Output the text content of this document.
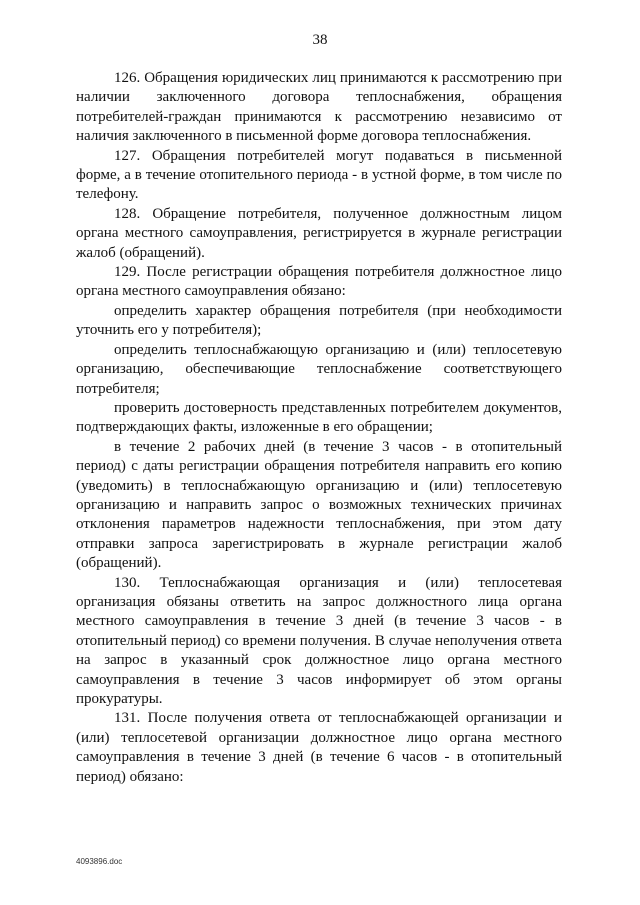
38

126. Обращения юридических лиц принимаются к рассмотрению при наличии заключенного договора теплоснабжения, обращения потребителей-граждан принимаются к рассмотрению независимо от наличия заключенного в письменной форме договора теплоснабжения.

127. Обращения потребителей могут подаваться в письменной форме, а в течение отопительного периода - в устной форме, в том числе по телефону.

128. Обращение потребителя, полученное должностным лицом органа местного самоуправления, регистрируется в журнале регистрации жалоб (обращений).

129. После регистрации обращения потребителя должностное лицо органа местного самоуправления обязано:

определить характер обращения потребителя (при необходимости уточнить его у потребителя);

определить теплоснабжающую организацию и (или) теплосетевую организацию, обеспечивающие теплоснабжение соответствующего потребителя;

проверить достоверность представленных потребителем документов, подтверждающих факты, изложенные в его обращении;

в течение 2 рабочих дней (в течение 3 часов - в отопительный период) с даты регистрации обращения потребителя направить его копию (уведомить) в теплоснабжающую организацию и (или) теплосетевую организацию и направить запрос о возможных технических причинах отклонения параметров надежности теплоснабжения, при этом дату отправки запроса зарегистрировать в журнале регистрации жалоб (обращений).

130. Теплоснабжающая организация и (или) теплосетевая организация обязаны ответить на запрос должностного лица органа местного самоуправления в течение 3 дней (в течение 3 часов - в отопительный период) со времени получения. В случае неполучения ответа на запрос в указанный срок должностное лицо органа местного самоуправления в течение 3 часов информирует об этом органы прокуратуры.

131. После получения ответа от теплоснабжающей организации и (или) теплосетевой организации должностное лицо органа местного самоуправления в течение 3 дней (в течение 6 часов - в отопительный период) обязано:

4093896.doc
